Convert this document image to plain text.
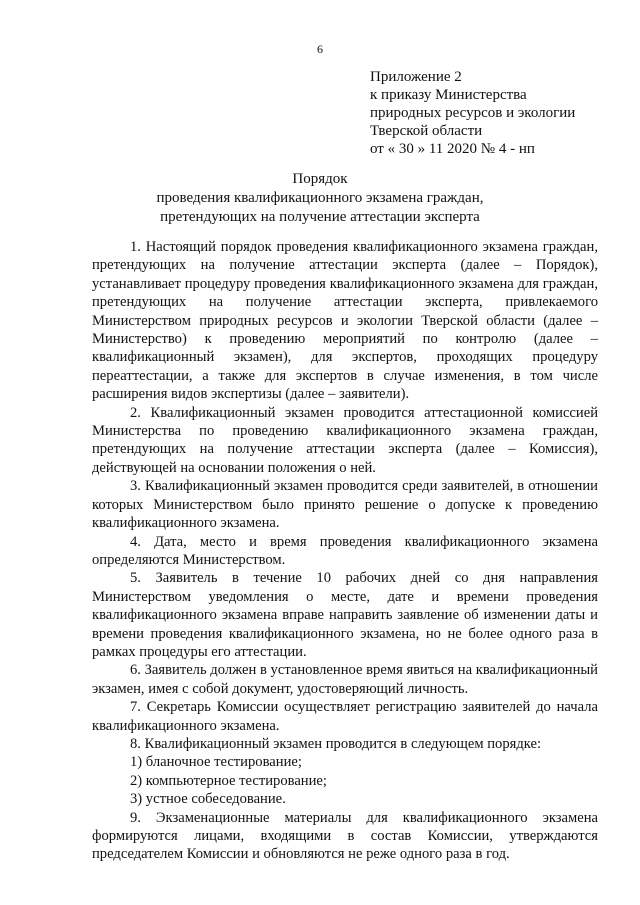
6
Приложение 2
к приказу Министерства
природных ресурсов и экологии
Тверской области
от « 30 » 11 2020 № 4 - нп
Порядок
проведения квалификационного экзамена граждан,
претендующих на получение аттестации эксперта

1. Настоящий порядок проведения квалификационного экзамена граждан, претендующих на получение аттестации эксперта (далее – Порядок), устанавливает процедуру проведения квалификационного экзамена для граждан, претендующих на получение аттестации эксперта, привлекаемого Министерством природных ресурсов и экологии Тверской области (далее – Министерство) к проведению мероприятий по контролю (далее – квалификационный экзамен), для экспертов, проходящих процедуру переаттестации, а также для экспертов в случае изменения, в том числе расширения видов экспертизы (далее – заявители).

2. Квалификационный экзамен проводится аттестационной комиссией Министерства по проведению квалификационного экзамена граждан, претендующих на получение аттестации эксперта (далее – Комиссия), действующей на основании положения о ней.

3. Квалификационный экзамен проводится среди заявителей, в отношении которых Министерством было принято решение о допуске к проведению квалификационного экзамена.

4. Дата, место и время проведения квалификационного экзамена определяются Министерством.

5. Заявитель в течение 10 рабочих дней со дня направления Министерством уведомления о месте, дате и времени проведения квалификационного экзамена вправе направить заявление об изменении даты и времени проведения квалификационного экзамена, но не более одного раза в рамках процедуры его аттестации.

6. Заявитель должен в установленное время явиться на квалификационный экзамен, имея с собой документ, удостоверяющий личность.

7. Секретарь Комиссии осуществляет регистрацию заявителей до начала квалификационного экзамена.

8. Квалификационный экзамен проводится в следующем порядке:

1) бланочное тестирование;

2) компьютерное тестирование;

3) устное собеседование.

9. Экзаменационные материалы для квалификационного экзамена формируются лицами, входящими в состав Комиссии, утверждаются председателем Комиссии и обновляются не реже одного раза в год.
